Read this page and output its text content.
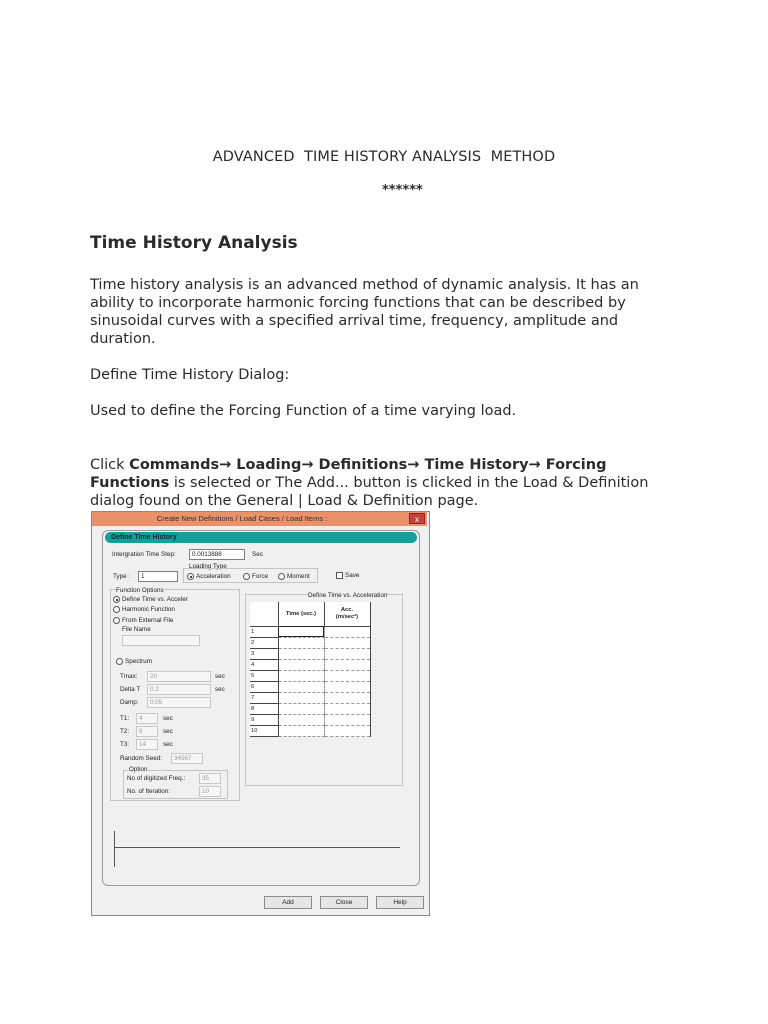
ADVANCED  TIME HISTORY ANALYSIS  METHOD
******
Time History Analysis
Time history analysis is an advanced method of dynamic analysis. It has an
ability to incorporate harmonic forcing functions that can be described by
sinusoidal curves with a specified arrival time, frequency, amplitude and
duration.
Define Time History Dialog:
Used to define the Forcing Function of a time varying load.

Click Commands→ Loading→ Definitions→ Time History→ Forcing
Functions is selected or The Add... button is clicked in the Load & Definition
dialog found on the General | Load & Definition page.

Create New Definitions / Load Cases / Load Items :	x
Define Time History
Intergration Time Step:	0.0013888	Sec
Loading Type
Type :	1	Acceleration	Force	Moment	Save
Function Options
Define Time vs. Acceler
Harmonic Function
From External File
File Name
Spectrum
Tmax:	20	sec
Delta T	0.2	sec
Damp:	0.05
T1:	4	sec
T2:	9	sec
T3:	14	sec
Random Seed:	34567
Option
No of digitized Freq.:	35
No. of Iteration:	10
Define Time vs. Acceleration
	Time (sec.)	Acc.
(m/sec²)
1		
2		
3		
4		
5		
6		
7		
8		
9		
10		
Add	Close	Help
